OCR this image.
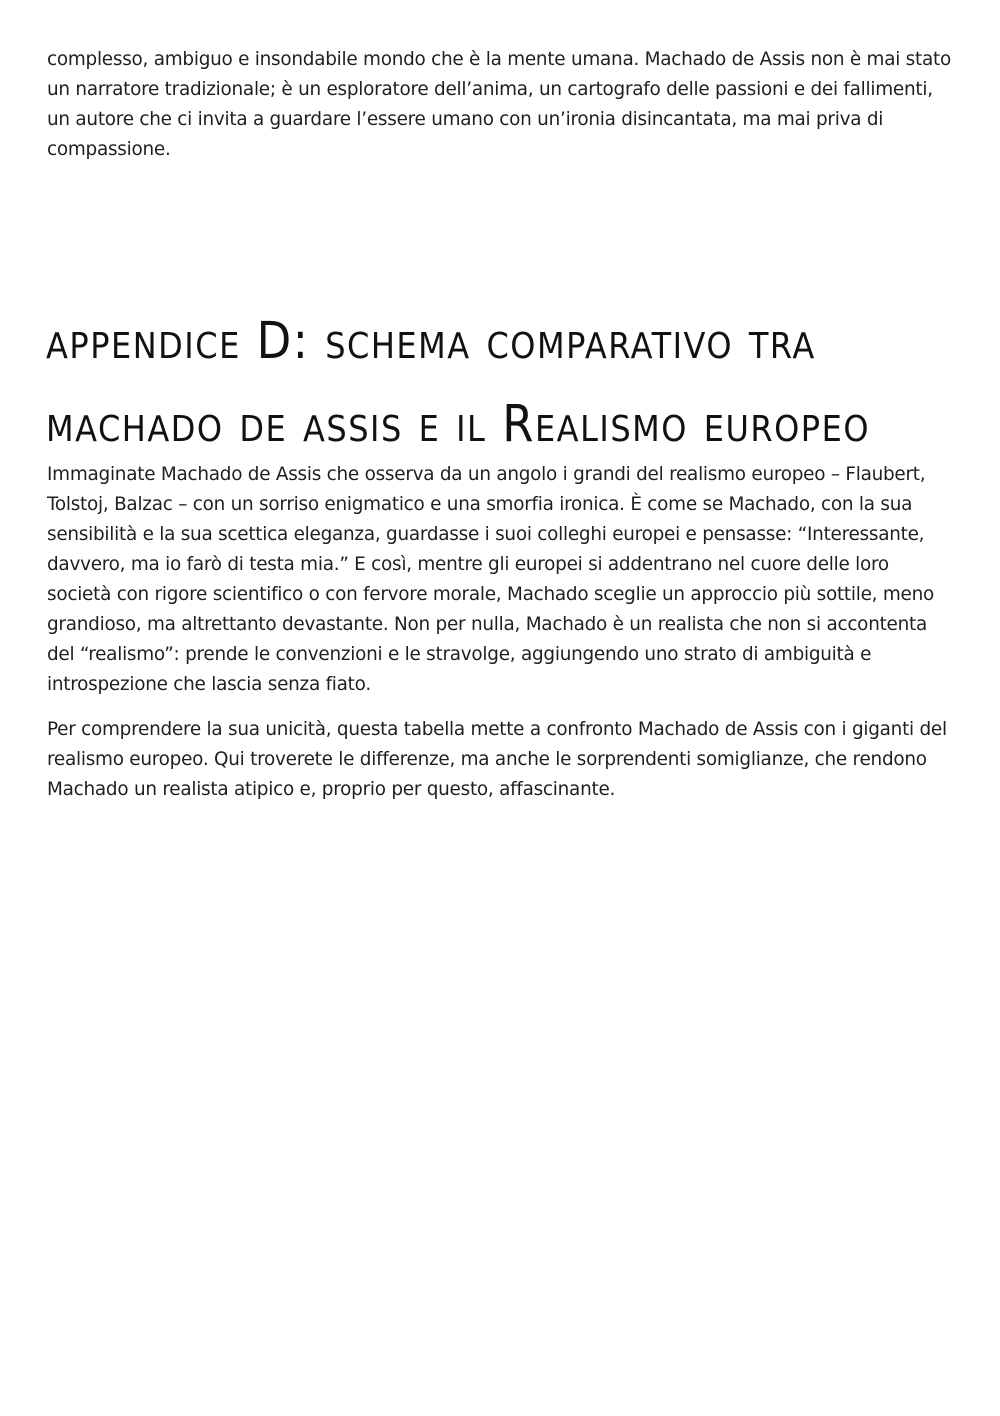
complesso, ambiguo e insondabile mondo che è la mente umana. Machado de Assis non è mai stato un narratore tradizionale; è un esploratore dell’anima, un cartografo delle passioni e dei fallimenti, un autore che ci invita a guardare l’essere umano con un’ironia disincantata, ma mai priva di compassione.

appendice D: schema comparativo tra machado de assis e il Realismo europeo

Immaginate Machado de Assis che osserva da un angolo i grandi del realismo europeo – Flaubert, Tolstoj, Balzac – con un sorriso enigmatico e una smorfia ironica. È come se Machado, con la sua sensibilità e la sua scettica eleganza, guardasse i suoi colleghi europei e pensasse: “Interessante, davvero, ma io farò di testa mia.” E così, mentre gli europei si addentrano nel cuore delle loro società con rigore scientifico o con fervore morale, Machado sceglie un approccio più sottile, meno grandioso, ma altrettanto devastante. Non per nulla, Machado è un realista che non si accontenta del “realismo”: prende le convenzioni e le stravolge, aggiungendo uno strato di ambiguità e introspezione che lascia senza fiato.

Per comprendere la sua unicità, questa tabella mette a confronto Machado de Assis con i giganti del realismo europeo. Qui troverete le differenze, ma anche le sorprendenti somiglianze, che rendono Machado un realista atipico e, proprio per questo, affascinante.
